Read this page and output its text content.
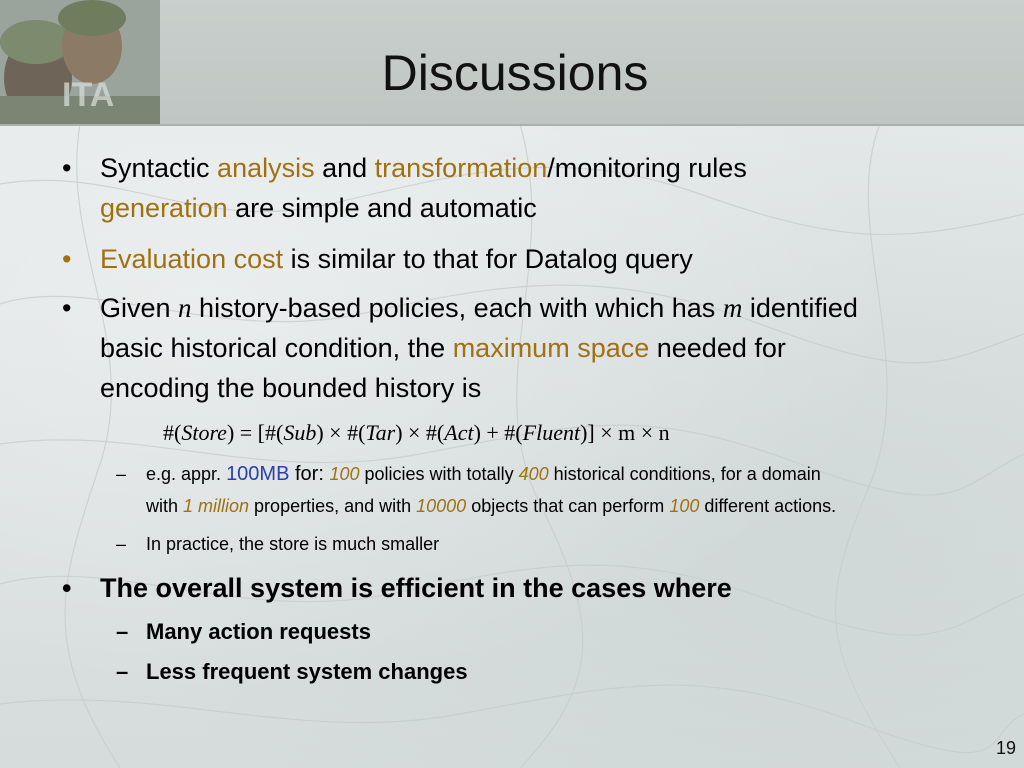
ITA	Discussions
•	Syntactic analysis and transformation/monitoring rules
generation are simple and automatic
•	Evaluation cost is similar to that for Datalog query
•	Given n history-based policies, each with which has m identified
basic historical condition, the maximum space needed for
encoding the bounded history is
#(Store) = [#(Sub) × #(Tar) × #(Act) + #(Fluent)] × m × n
– e.g. appr. 100MB for: 100 policies with totally 400 historical conditions, for a domain
with 1 million properties, and with 10000 objects that can perform 100 different actions.
– In practice, the store is much smaller
•	The overall system is efficient in the cases where
– Many action requests
– Less frequent system changes
19
